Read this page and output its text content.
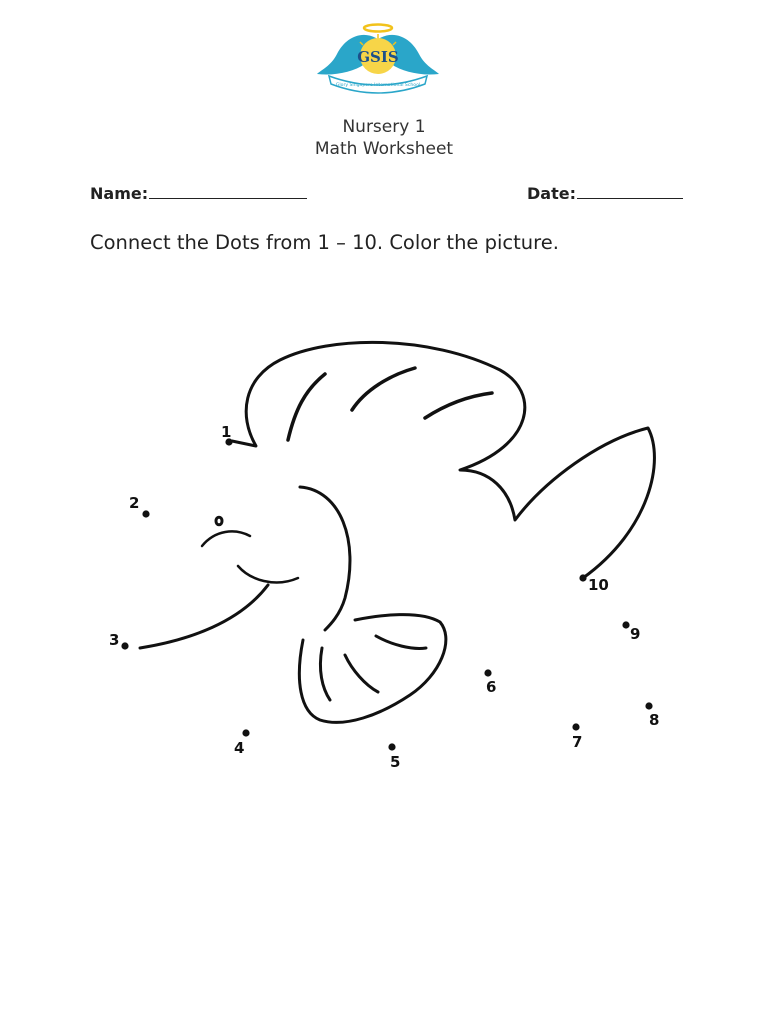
GSIS
Glory Singapore International School
Nursery 1
Math Worksheet
Name:	Date:
Connect the Dots from 1 – 10. Color the picture.
1
2
3
4
5
6
7
8
9
10
